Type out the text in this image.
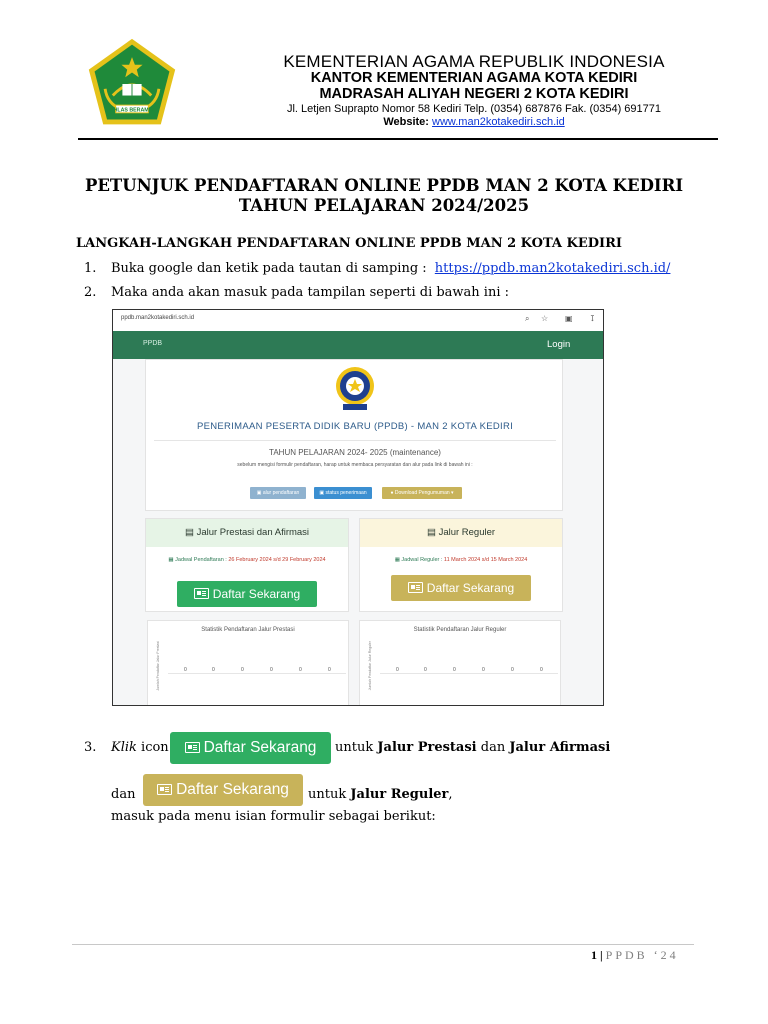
IKHLAS BERAMAL
KEMENTERIAN AGAMA REPUBLIK INDONESIA
KANTOR KEMENTERIAN AGAMA KOTA KEDIRI
MADRASAH ALIYAH NEGERI 2 KOTA KEDIRI
Jl. Letjen Suprapto Nomor 58 Kediri Telp. (0354) 687876 Fak. (0354) 691771
Website: www.man2kotakediri.sch.id
PETUNJUK PENDAFTARAN ONLINE PPDB MAN 2 KOTA KEDIRI
TAHUN PELAJARAN 2024/2025
LANGKAH-LANGKAH PENDAFTARAN ONLINE PPDB MAN 2 KOTA KEDIRI
1. Buka google dan ketik pada tautan di samping : https://ppdb.man2kotakediri.sch.id/
2. Maka anda akan masuk pada tampilan seperti di bawah ini :
ppdb.man2kotakediri.sch.id	⌕ ☆ ▣ ↧
PPDB	Login
PENERIMAAN PESERTA DIDIK BARU (PPDB) - MAN 2 KOTA KEDIRI
TAHUN PELAJARAN 2024- 2025 (maintenance)
sebelum mengisi formulir pendaftaran, harap untuk membaca persyaratan dan alur pada link di bawah ini :
▣ alur pendaftaran	▣ status penerimaan	● Download Pengumuman ▾
▤ Jalur Prestasi dan Afirmasi
▦ Jadwal Pendaftaran : 26 February 2024 s/d 29 February 2024
Daftar Sekarang
▤ Jalur Reguler
▦ Jadwal Reguler : 11 March 2024 s/d 15 March 2024
Daftar Sekarang
Statistik Pendaftaran Jalur Prestasi
Jumlah Pendaftar Jalur Prestasi	0	0	0	0	0	0
Statistik Pendaftaran Jalur Reguler
Jumlah Pendaftar Jalur Reguler	0	0	0	0	0	0
3. Klik icon	Daftar Sekarang	untuk Jalur Prestasi dan Jalur Afirmasi
dan	Daftar Sekarang	untuk Jalur Reguler,
masuk pada menu isian formulir sebagai berikut:
1 | PPDB ‘24
